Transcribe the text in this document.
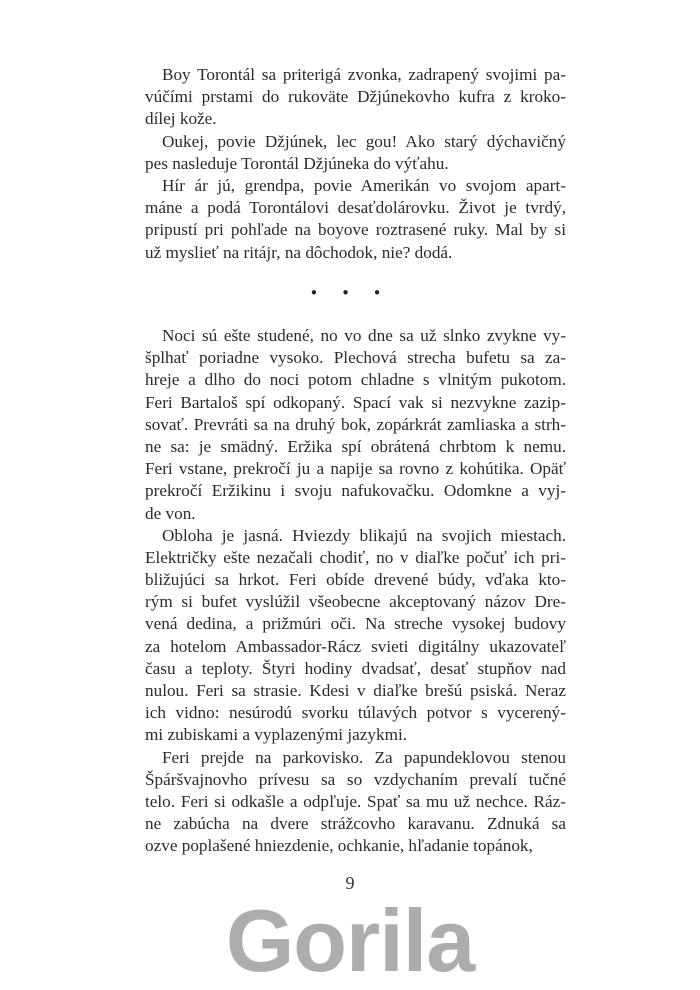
Boy Torontál sa priterigá zvonka, zadrapený svojimi pa-
vúčími prstami do rukoväte Džjúnekovho kufra z kroko-
dílej kože.
Oukej, povie Džjúnek, lec gou! Ako starý dýchavičný
pes nasleduje Torontál Džjúneka do výťahu.
Hír ár jú, grendpa, povie Amerikán vo svojom apart-
máne a podá Torontálovi desaťdolárovku. Život je tvrdý,
pripustí pri pohľade na boyove roztrasené ruky. Mal by si
už myslieť na ritájr, na dôchodok, nie? dodá.
• • •
Noci sú ešte studené, no vo dne sa už slnko zvykne vy-
šplhať poriadne vysoko. Plechová strecha bufetu sa za-
hreje a dlho do noci potom chladne s vlnitým pukotom.
Feri Bartaloš spí odkopaný. Spací vak si nezvykne zazip-
sovať. Prevráti sa na druhý bok, zopárkrát zamliaska a strh-
ne sa: je smädný. Eržika spí obrátená chrbtom k nemu.
Feri vstane, prekročí ju a napije sa rovno z kohútika. Opäť
prekročí Eržikinu i svoju nafukovačku. Odomkne a vyj-
de von.
Obloha je jasná. Hviezdy blikajú na svojich miestach.
Električky ešte nezačali chodiť, no v diaľke počuť ich pri-
bližujúci sa hrkot. Feri obíde drevené búdy, vďaka kto-
rým si bufet vyslúžil všeobecne akceptovaný názov Dre-
vená dedina, a prižmúri oči. Na streche vysokej budovy
za hotelom Ambassador-Rácz svieti digitálny ukazovateľ
času a teploty. Štyri hodiny dvadsať, desať stupňov nad
nulou. Feri sa strasie. Kdesi v diaľke brešú psiská. Neraz
ich vidno: nesúrodú svorku túlavých potvor s vycerený-
mi zubiskami a vyplazenými jazykmi.
Feri prejde na parkovisko. Za papundeklovou stenou
Špáršvajnovho prívesu sa so vzdychaním prevalí tučné
telo. Feri si odkašle a odpľuje. Spať sa mu už nechce. Ráz-
ne zabúcha na dvere strážcovho karavanu. Zdnuká sa
ozve poplašené hniezdenie, ochkanie, hľadanie topánok,
9
Gorila
